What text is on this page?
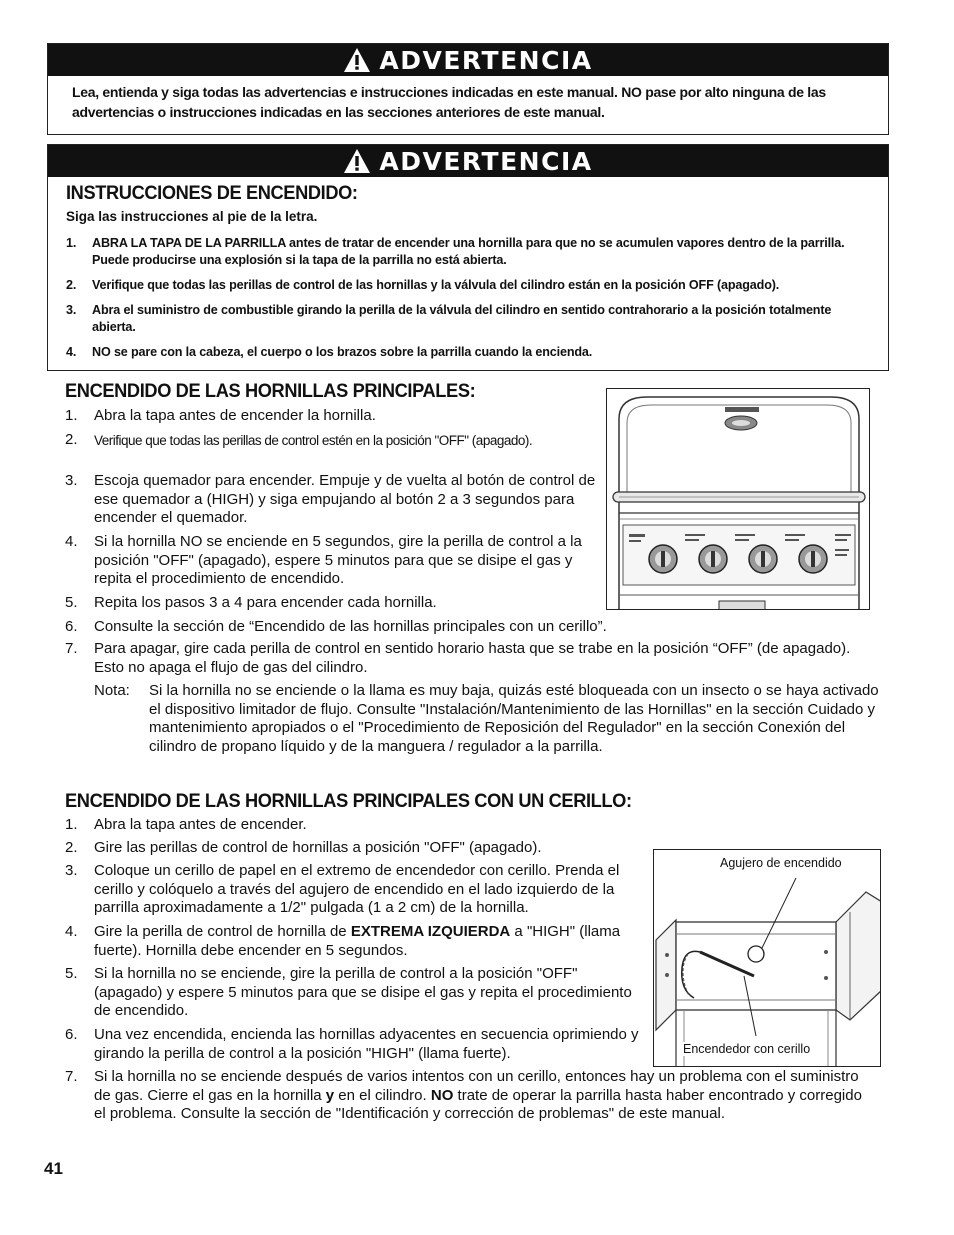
ADVERTENCIA
Lea, entienda y siga todas las advertencias e instrucciones indicadas en este manual. NO pase por alto ninguna de las advertencias o instrucciones indicadas en las secciones anteriores de este manual.
ADVERTENCIA
INSTRUCCIONES DE ENCENDIDO:
Siga las instrucciones al pie de la letra.
1. ABRA LA TAPA DE LA PARRILLA antes de tratar de encender una hornilla para que no se acumulen vapores dentro de la parrilla. Puede producirse una explosión si la tapa de la parrilla no está abierta.
2. Verifique que todas las perillas de control de las hornillas y la válvula del cilindro están en la posición OFF (apagado).
3. Abra el suministro de combustible girando la perilla de la válvula del cilindro en sentido contrahorario a la posición totalmente abierta.
4. NO se pare con la cabeza, el cuerpo o los brazos sobre la parrilla cuando la encienda.
ENCENDIDO DE LAS HORNILLAS PRINCIPALES:
1. Abra la tapa antes de encender la hornilla.
2. Verifique que todas las perillas de control estén en la posición "OFF" (apagado).
3. Escoja quemador para encender. Empuje y de vuelta al botón de control de ese quemador a (HIGH) y siga empujando al botón 2 a 3 segundos para encender el quemador.
4. Si la hornilla NO se enciende en 5 segundos, gire la perilla de control a la posición "OFF" (apagado), espere 5 minutos para que se disipe el gas y repita el procedimiento de encendido.
5. Repita los pasos 3 a 4 para encender cada hornilla.
6. Consulte la sección de “Encendido de las hornillas principales con un cerillo”.
7. Para apagar, gire cada perilla de control en sentido horario hasta que se trabe en la posición “OFF” (de apagado). Esto no apaga el flujo de gas del cilindro.
Nota: Si la hornilla no se enciende o la llama es muy baja, quizás esté bloqueada con un insecto o se haya activado el dispositivo limitador de flujo. Consulte "Instalación/Mantenimiento de las Hornillas" en la sección Cuidado y mantenimiento apropiados o el "Procedimiento de Reposición del Regulador" en la sección Conexión del cilindro de propano líquido y de la manguera / regulador a la parrilla.
ENCENDIDO DE LAS HORNILLAS PRINCIPALES CON UN CERILLO:
1. Abra la tapa antes de encender.
2. Gire las perillas de control de hornillas a posición "OFF" (apagado).
3. Coloque un cerillo de papel en el extremo de encendedor con cerillo. Prenda el cerillo y colóquelo a través del agujero de encendido en el lado izquierdo de la parrilla aproximadamente a 1/2" pulgada (1 a 2 cm) de la hornilla.
4. Gire la perilla de control de hornilla de EXTREMA IZQUIERDA a "HIGH" (llama fuerte). Hornilla debe encender en 5 segundos.
5. Si la hornilla no se enciende, gire la perilla de control a la posición "OFF" (apagado) y espere 5 minutos para que se disipe el gas y repita el procedimiento de encendido.
6. Una vez encendida, encienda las hornillas adyacentes en secuencia oprimiendo y girando la perilla de control a la posición "HIGH" (llama fuerte).
7. Si la hornilla no se enciende después de varios intentos con un cerillo, entonces hay un problema con el suministro de gas. Cierre el gas en la hornilla y en el cilindro. NO trate de operar la parrilla hasta haber encontrado y corregido el problema. Consulte la sección de "Identificación y corrección de problemas" de este manual.
Agujero de encendido
Encendedor con cerillo
41
